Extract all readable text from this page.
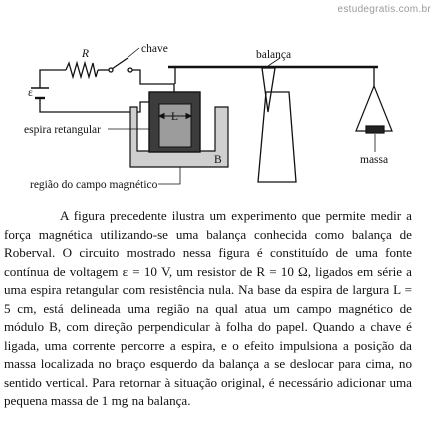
estudegratis.com.br
ε
R	chave	balança
massa
B
L
espira retangular
região do campo magnético

A figura precedente ilustra um experimento que permite medir a força magnética utilizando-se uma balança conhecida como balança de Roberval. O circuito mostrado nessa figura é constituído de uma fonte contínua de voltagem ε = 10 V, um resistor de R = 10 Ω, ligados em série a uma espira retangular com resistência nula. Na base da espira de largura L = 5 cm, está delineada uma região na qual atua um campo magnético de módulo B, com direção perpendicular à folha do papel. Quando a chave é ligada, uma corrente percorre a espira, e o efeito impulsiona a posição da massa localizada no braço esquerdo da balança a se deslocar para cima, no sentido vertical. Para retornar à situação original, é necessário adicionar uma pequena massa de 1 mg na balança.
